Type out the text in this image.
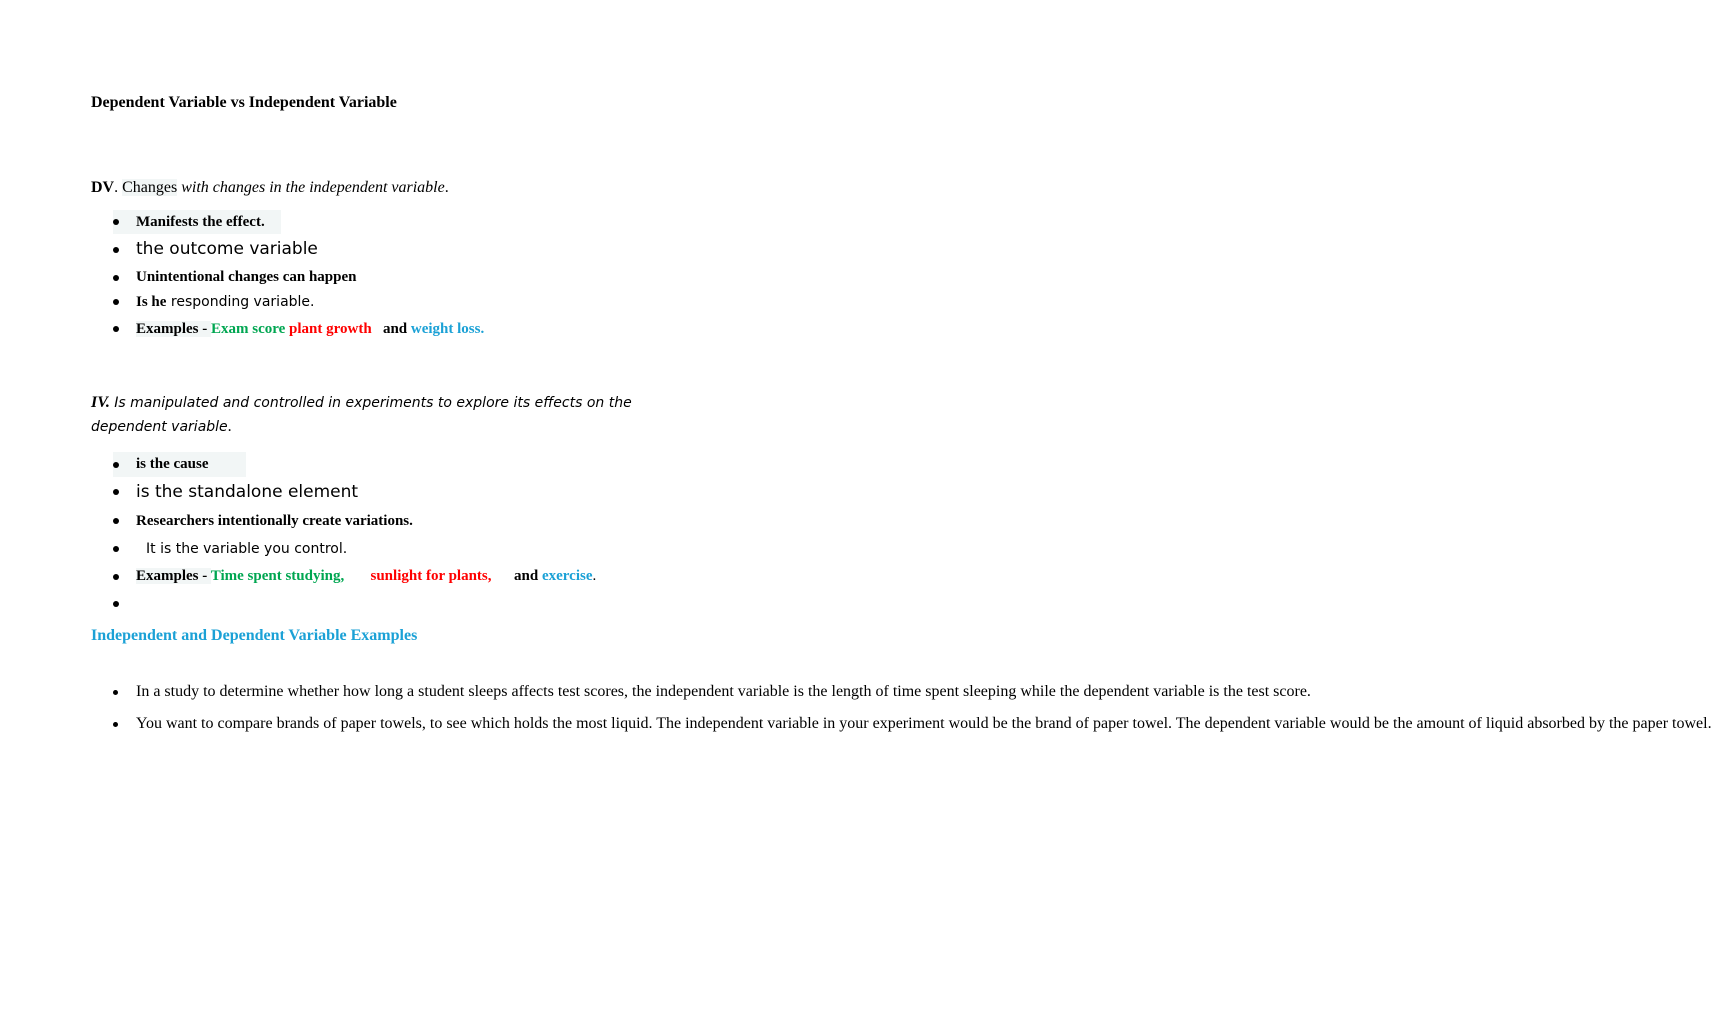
Dependent Variable vs Independent Variable
DV. Changes with changes in the independent variable.
Manifests the effect.
the outcome variable
Unintentional changes can happen
Is he responding variable.
Examples - Exam score plant growth and weight loss.
IV. Is manipulated and controlled in experiments to explore its effects on the
dependent variable.
is the cause
is the standalone element
Researchers intentionally create variations.
It is the variable you control.
Examples - Time spent studying, sunlight for plants, and exercise.
Independent and Dependent Variable Examples
In a study to determine whether how long a student sleeps affects test scores, the independent variable is the length of time spent sleeping while the dependent variable is the test score.
You want to compare brands of paper towels, to see which holds the most liquid. The independent variable in your experiment would be the brand of paper towel. The dependent variable would be the amount of liquid absorbed by the paper towel.
